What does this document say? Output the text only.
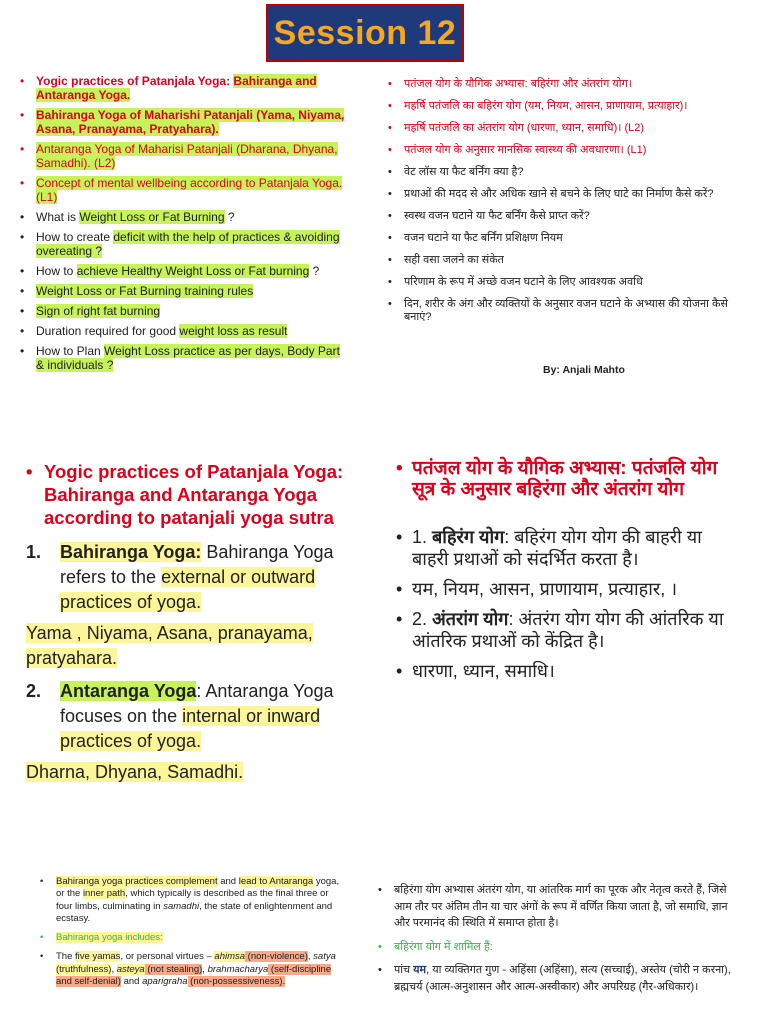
Session 12
• Yogic practices of Patanjala Yoga: Bahiranga and Antaranga Yoga.
• Bahiranga Yoga of Maharishi Patanjali (Yama, Niyama, Asana, Pranayama, Pratyahara).
• Antaranga Yoga of Maharisi Patanjali (Dharana, Dhyana, Samadhi). (L2)
• Concept of mental wellbeing according to Patanjala Yoga. (L1)
• What is Weight Loss or Fat Burning ?
• How to create deficit with the help of practices & avoiding overeating ?
• How to achieve Healthy Weight Loss or Fat burning ?
• Weight Loss or Fat Burning training rules
• Sign of right fat burning
• Duration required for good weight loss as result
• How to Plan Weight Loss practice as per days, Body Part & individuals ?
• पतंजल योग के यौगिक अभ्यास: बहिरंगा और अंतरांग योग।
• महर्षि पतंजलि का बहिरंग योग (यम, नियम, आसन, प्राणायाम, प्रत्याहार)।
• महर्षि पतंजलि का अंतरांग योग (धारणा, ध्यान, समाधि)। (L2)
• पतंजल योग के अनुसार मानसिक स्वास्थ्य की अवधारणा। (L1)
• वेट लॉस या फैट बर्निंग क्या है?
• प्रथाओं की मदद से और अधिक खाने से बचने के लिए घाटे का निर्माण कैसे करें?
• स्वस्थ वजन घटाने या फैट बर्निंग कैसे प्राप्त करें?
• वजन घटाने या फैट बर्निंग प्रशिक्षण नियम
• सही वसा जलने का संकेत
• परिणाम के रूप में अच्छे वजन घटाने के लिए आवश्यक अवधि
• दिन, शरीर के अंग और व्यक्तियों के अनुसार वजन घटाने के अभ्यास की योजना कैसे बनाएं?
By: Anjali Mahto
• Yogic practices of Patanjala Yoga: Bahiranga and Antaranga Yoga according to patanjali yoga sutra
1. Bahiranga Yoga: Bahiranga Yoga refers to the external or outward practices of yoga.
Yama , Niyama, Asana, pranayama, pratyahara.
2. Antaranga Yoga: Antaranga Yoga focuses on the internal or inward practices of yoga.
Dharna, Dhyana, Samadhi.
• पतंजल योग के यौगिक अभ्यास: पतंजलि योग सूत्र के अनुसार बहिरंगा और अंतरांग योग
• 1. बहिरंग योग: बहिरंग योग योग की बाहरी या बाहरी प्रथाओं को संदर्भित करता है।
• यम, नियम, आसन, प्राणायाम, प्रत्याहार, ।
• 2. अंतरांग योग: अंतरंग योग योग की आंतरिक या आंतरिक प्रथाओं को केंद्रित है।
• धारणा, ध्यान, समाधि।
• Bahiranga yoga practices complement and lead to Antaranga yoga, or the inner path, which typically is described as the final three or four limbs, culminating in samadhi, the state of enlightenment and ecstasy.
• Bahiranga yoga includes:
• The five yamas, or personal virtues – ahimsa (non-violence), satya (truthfulness), asteya (not stealing), brahmacharya (self-discipline and self-denial) and aparigraha (non-possessiveness).
• बहिरंगा योग अभ्यास अंतरंग योग, या आंतरिक मार्ग का पूरक और नेतृत्व करते हैं, जिसे आम तौर पर अंतिम तीन या चार अंगों के रूप में वर्णित किया जाता है, जो समाधि, ज्ञान और परमानंद की स्थिति में समाप्त होता है।
• बहिरंगा योग में शामिल हैं:
• पांच यम, या व्यक्तिगत गुण - अहिंसा (अहिंसा), सत्य (सच्चाई), अस्तेय (चोरी न करना), ब्रह्मचर्य (आत्म-अनुशासन और आत्म-अस्वीकार) और अपरिग्रह (गैर-अधिकार)।
